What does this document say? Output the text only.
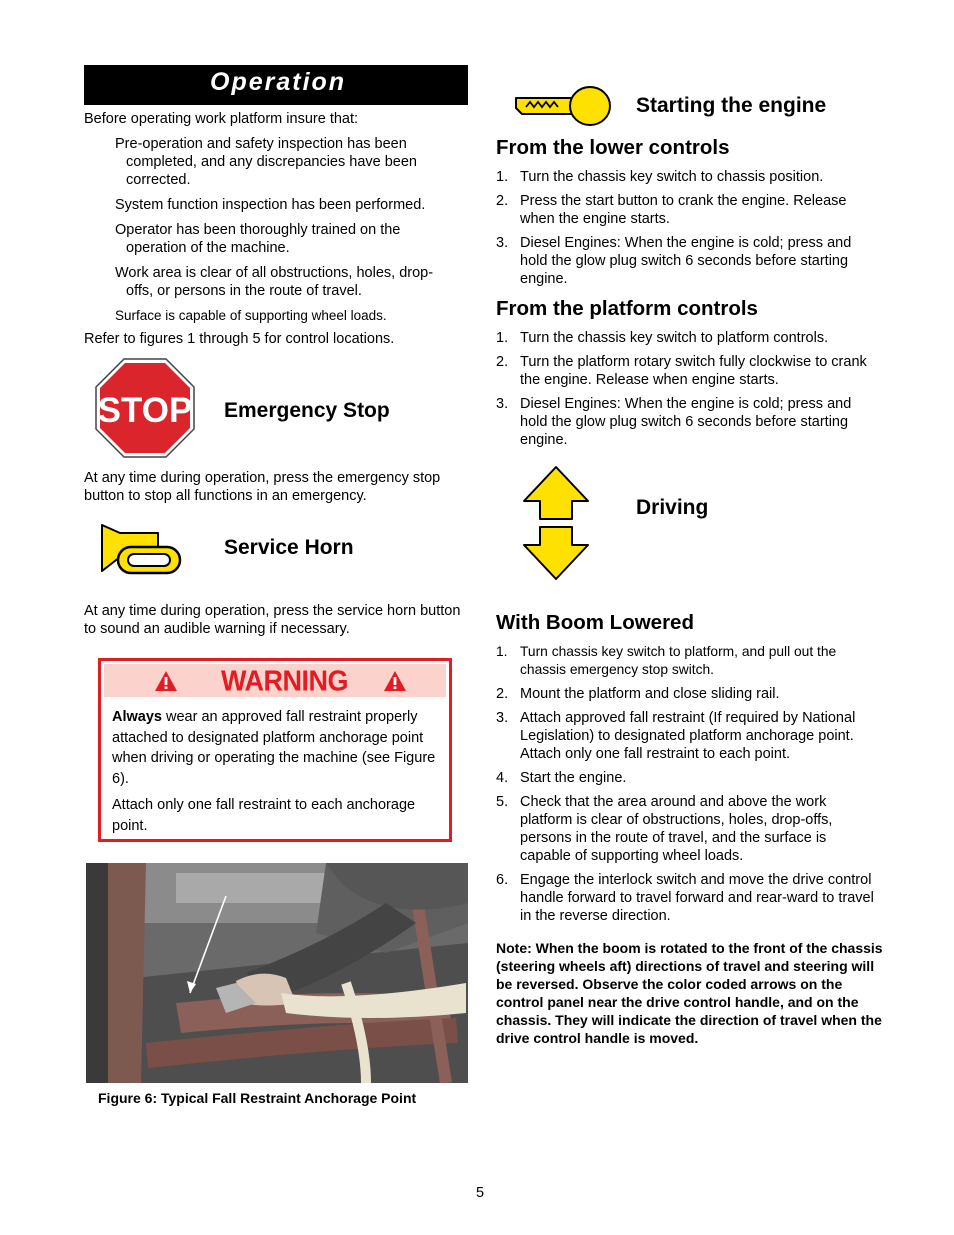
Operation

Before operating work platform insure that:

Pre-operation and safety inspection has been completed, and any discrepancies have been corrected.

System function inspection has been performed.

Operator has been thoroughly trained on the operation of the machine.

Work area is clear of all obstructions, holes, drop-offs, or persons in the route of travel.

Surface is capable of supporting wheel loads.

Refer to figures 1 through 5 for control locations.

STOP Emergency Stop

At any time during operation, press the emergency stop button to stop all functions in an emergency.

Service Horn

At any time during operation, press the service horn button to sound an audible warning if necessary.

WARNING

Always wear an approved fall restraint properly attached to designated platform anchorage point when driving or operating the machine (see Figure 6).

Attach only one fall restraint to each anchorage point.

Figure 6: Typical Fall Restraint Anchorage Point
Starting the engine
From the lower controls
1. Turn the chassis key switch to chassis position.
2. Press the start button to crank the engine. Release when the engine starts.
3. Diesel Engines: When the engine is cold; press and hold the glow plug switch 6 seconds before starting engine.
From the platform controls
1. Turn the chassis key switch to platform controls.
2. Turn the platform rotary switch fully clockwise to crank the engine. Release when engine starts.
3. Diesel Engines: When the engine is cold; press and hold the glow plug switch 6 seconds before starting engine.
Driving
With Boom Lowered
1. Turn chassis key switch to platform, and pull out the chassis emergency stop switch.
2. Mount the platform and close sliding rail.
3. Attach approved fall restraint (If required by National Legislation) to designated platform anchorage point. Attach only one fall restraint to each point.
4. Start the engine.
5. Check that the area around and above the work platform is clear of obstructions, holes, drop-offs, persons in the route of travel, and the surface is capable of supporting wheel loads.
6. Engage the interlock switch and move the drive control handle forward to travel forward and rear-ward to travel in the reverse direction.

Note: When the boom is rotated to the front of the chassis (steering wheels aft) directions of travel and steering will be reversed. Observe the color coded arrows on the control panel near the drive control handle, and on the chassis. They will indicate the direction of travel when the drive control handle is moved.

5
